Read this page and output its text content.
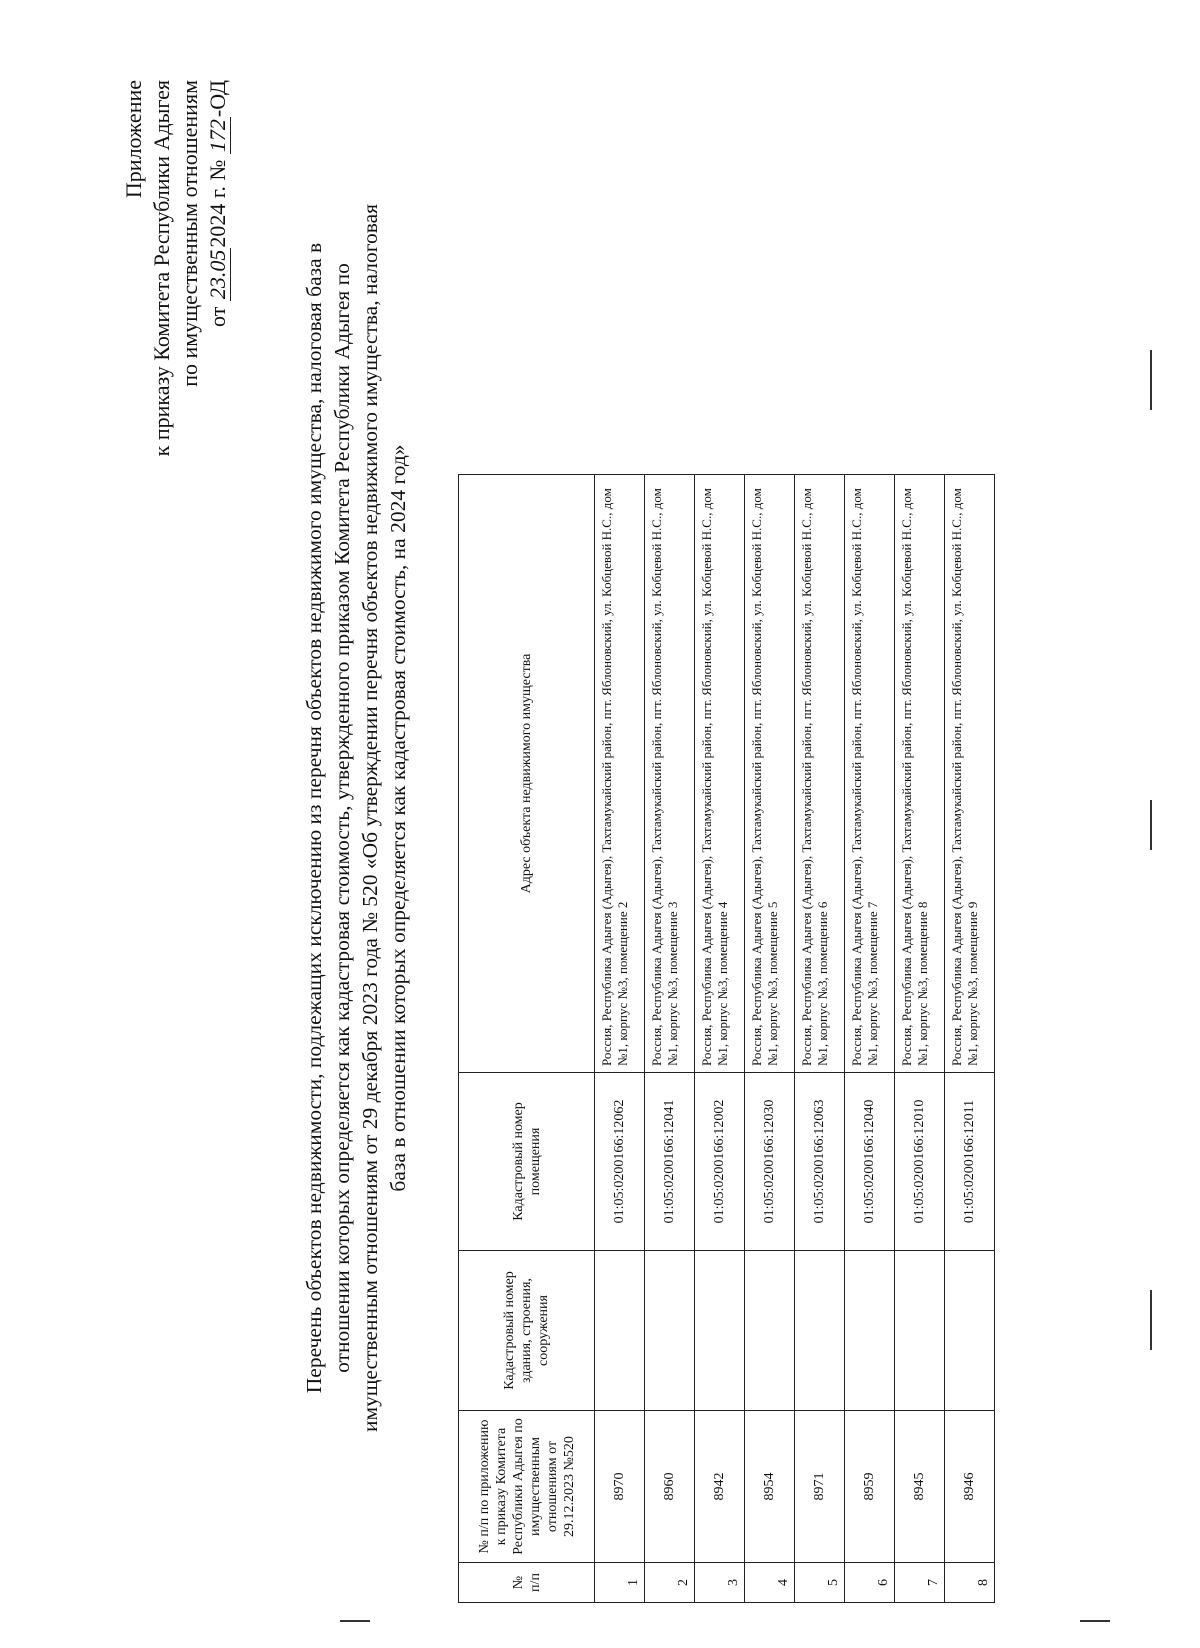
Приложение к приказу Комитета Республики Адыгея по имущественным отношениям от 23.052024 г. № 172-ОД
Перечень объектов недвижимости, подлежащих исключению из перечня объектов недвижимого имущества, налоговая база в отношении которых определяется как кадастровая стоимость, утвержденного приказом Комитета Республики Адыгея по имущественным отношениям от 29 декабря 2023 года № 520 «Об утверждении перечня объектов недвижимого имущества, налоговая база в отношении которых определяется как кадастровая стоимость, на 2024 год»
№ п/п	№ п/п по приложению к приказу Комитета Республики Адыгея по имущественным отношениям от 29.12.2023 №520	Кадастровый номер здания, строения, сооружения	Кадастровый номер помещения	Адрес объекта недвижимого имущества
1	8970		01:05:0200166:12062	Россия, Республика Адыгея (Адыгея), Тахтамукайский район, пгт. Яблоновский, ул. Кобцевой Н.С., дом №1, корпус №3, помещение 2
2	8960		01:05:0200166:12041	Россия, Республика Адыгея (Адыгея), Тахтамукайский район, пгт. Яблоновский, ул. Кобцевой Н.С., дом №1, корпус №3, помещение 3
3	8942		01:05:0200166:12002	Россия, Республика Адыгея (Адыгея), Тахтамукайский район, пгт. Яблоновский, ул. Кобцевой Н.С., дом №1, корпус №3, помещение 4
4	8954		01:05:0200166:12030	Россия, Республика Адыгея (Адыгея), Тахтамукайский район, пгт. Яблоновский, ул. Кобцевой Н.С., дом №1, корпус №3, помещение 5
5	8971		01:05:0200166:12063	Россия, Республика Адыгея (Адыгея), Тахтамукайский район, пгт. Яблоновский, ул. Кобцевой Н.С., дом №1, корпус №3, помещение 6
6	8959		01:05:0200166:12040	Россия, Республика Адыгея (Адыгея), Тахтамукайский район, пгт. Яблоновский, ул. Кобцевой Н.С., дом №1, корпус №3, помещение 7
7	8945		01:05:0200166:12010	Россия, Республика Адыгея (Адыгея), Тахтамукайский район, пгт. Яблоновский, ул. Кобцевой Н.С., дом №1, корпус №3, помещение 8
8	8946		01:05:0200166:12011	Россия, Республика Адыгея (Адыгея), Тахтамукайский район, пгт. Яблоновский, ул. Кобцевой Н.С., дом №1, корпус №3, помещение 9
